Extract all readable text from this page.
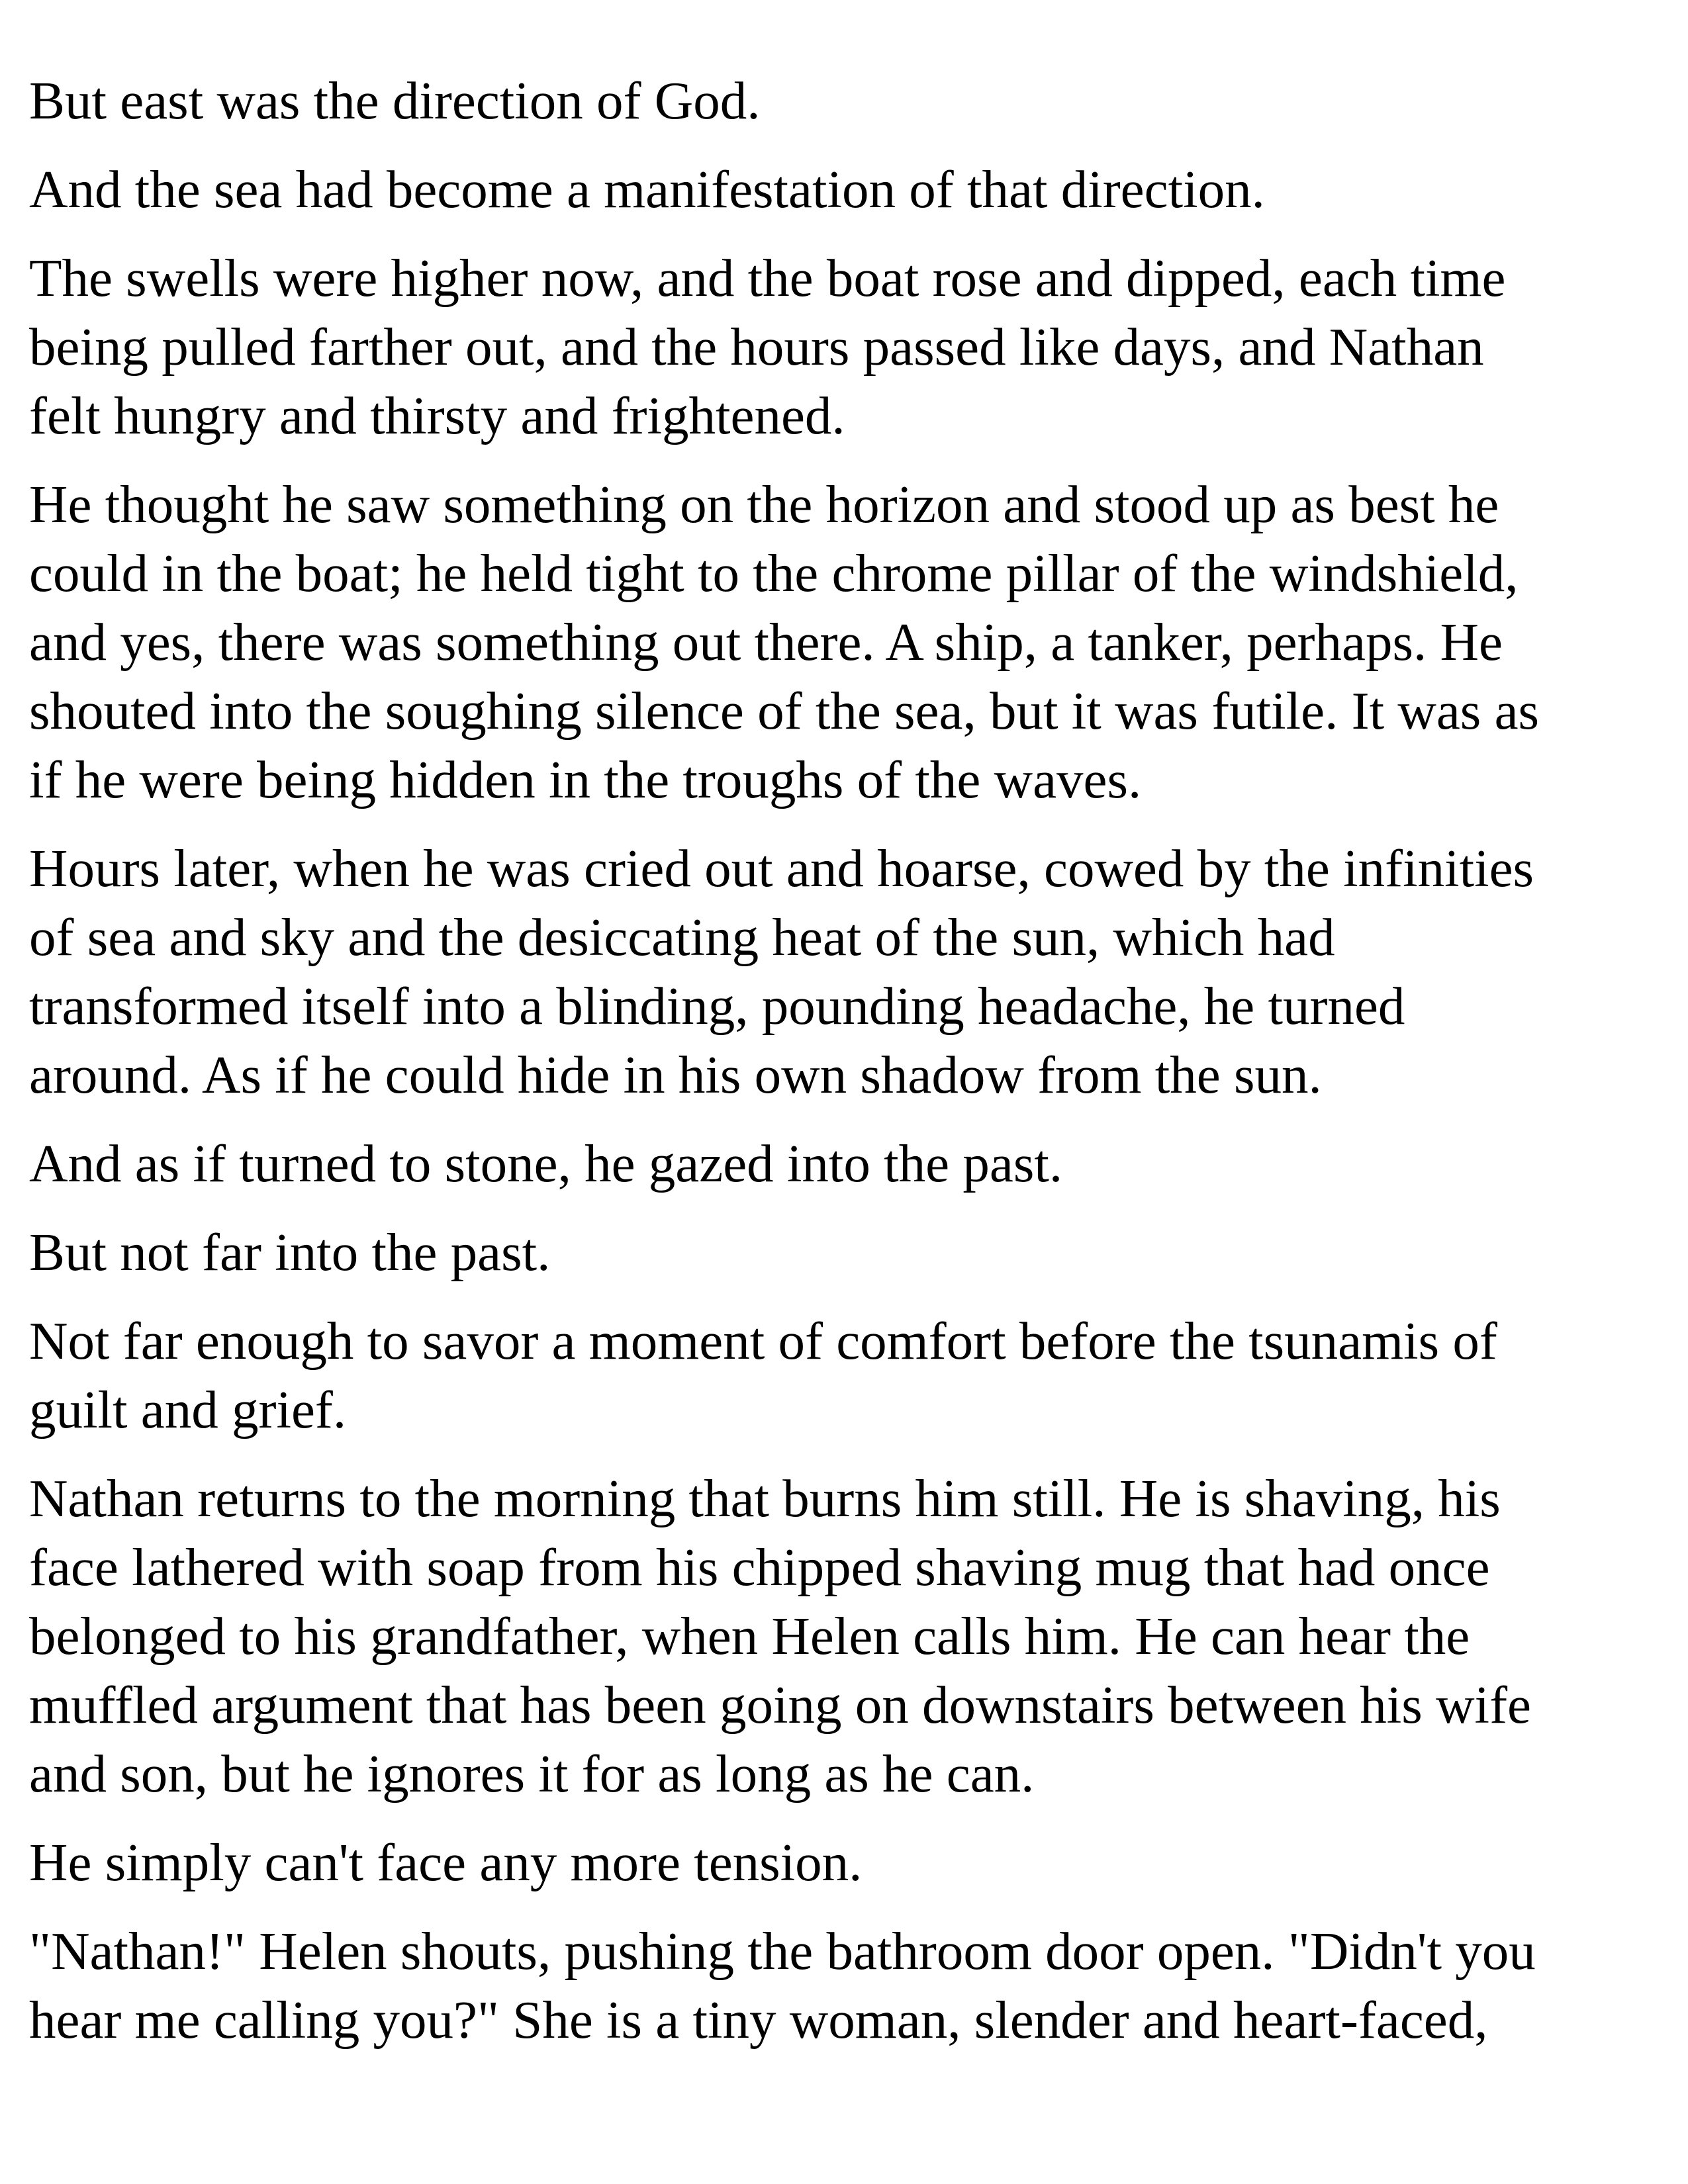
But east was the direction of God.

And the sea had become a manifestation of that direction.

The swells were higher now, and the boat rose and dipped, each time
being pulled farther out, and the hours passed like days, and Nathan
felt hungry and thirsty and frightened.

He thought he saw something on the horizon and stood up as best he
could in the boat; he held tight to the chrome pillar of the windshield,
and yes, there was something out there. A ship, a tanker, perhaps. He
shouted into the soughing silence of the sea, but it was futile. It was as
if he were being hidden in the troughs of the waves.

Hours later, when he was cried out and hoarse, cowed by the infinities
of sea and sky and the desiccating heat of the sun, which had
transformed itself into a blinding, pounding headache, he turned
around. As if he could hide in his own shadow from the sun.

And as if turned to stone, he gazed into the past.

But not far into the past.

Not far enough to savor a moment of comfort before the tsunamis of
guilt and grief.

Nathan returns to the morning that burns him still. He is shaving, his
face lathered with soap from his chipped shaving mug that had once
belonged to his grandfather, when Helen calls him. He can hear the
muffled argument that has been going on downstairs between his wife
and son, but he ignores it for as long as he can.

He simply can't face any more tension.

"Nathan!" Helen shouts, pushing the bathroom door open. "Didn't you
hear me calling you?" She is a tiny woman, slender and heart-faced,
